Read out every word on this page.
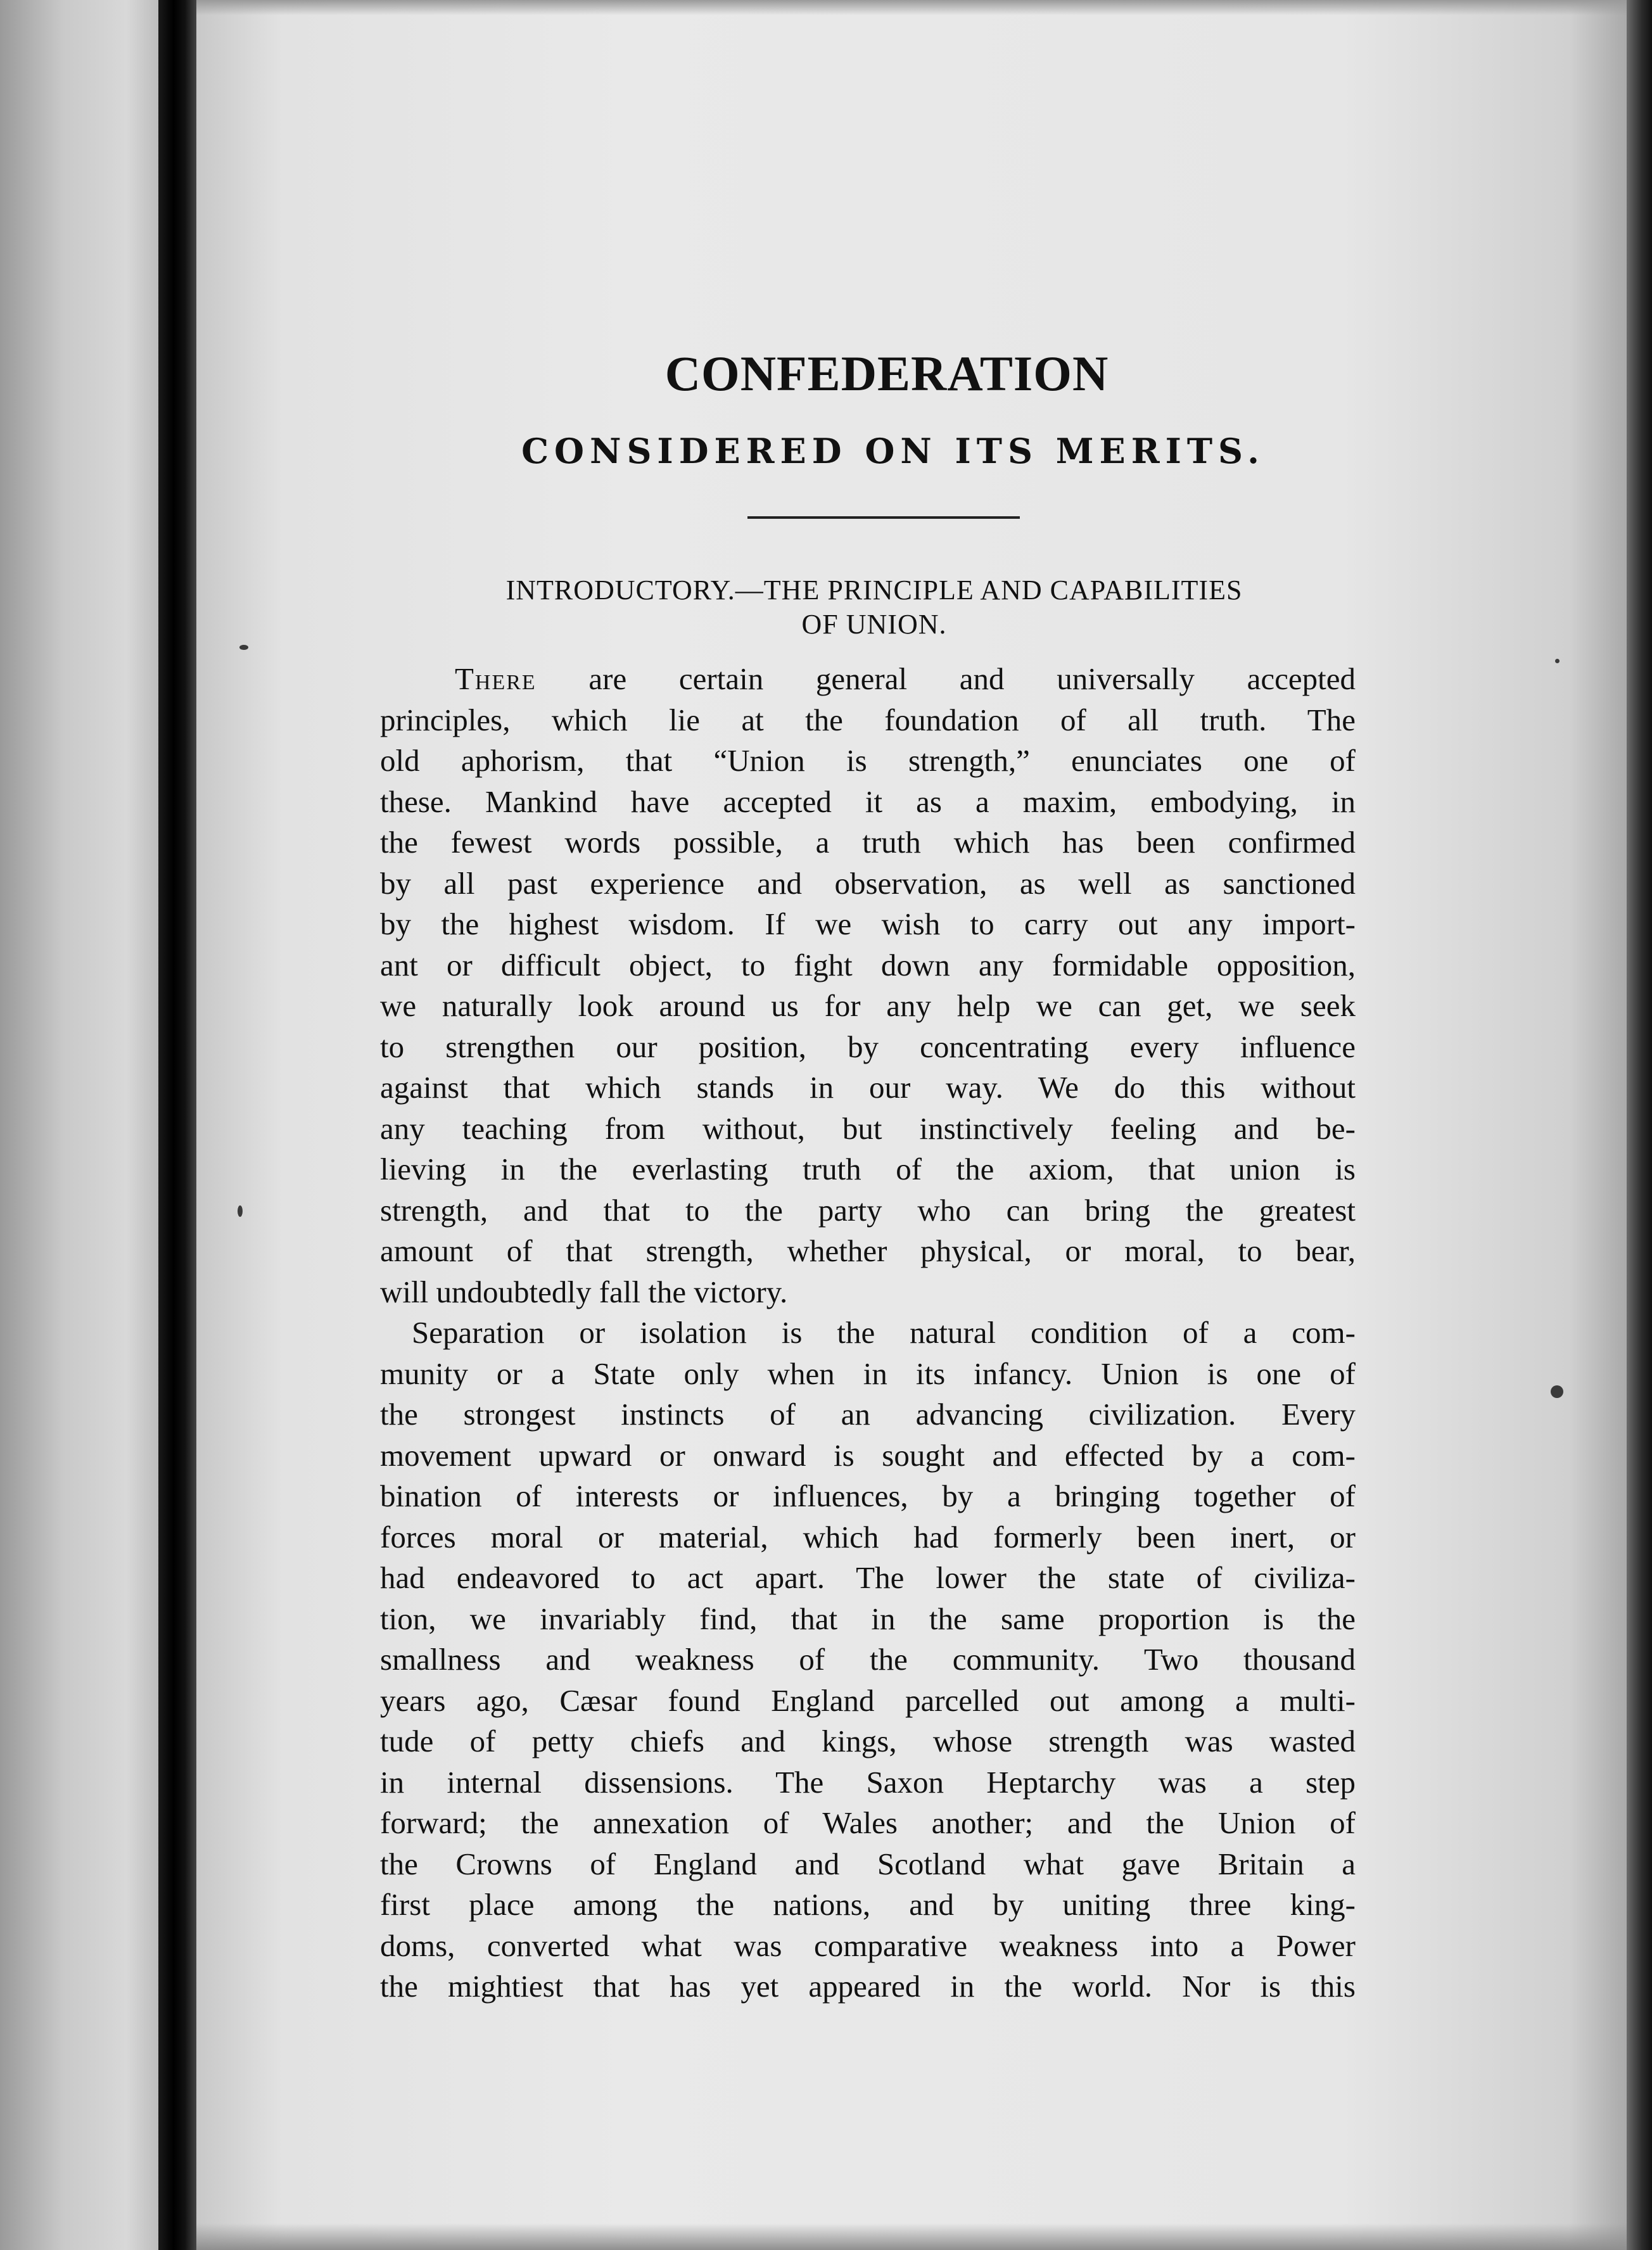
CONFEDERATION
CONSIDERED ON ITS MERITS.
INTRODUCTORY.—THE PRINCIPLE AND CAPABILITIES
OF UNION.
There are certain general and universally accepted
principles, which lie at the foundation of all truth. The
old aphorism, that “Union is strength,” enunciates one of
these. Mankind have accepted it as a maxim, embodying, in
the fewest words possible, a truth which has been confirmed
by all past experience and observation, as well as sanctioned
by the highest wisdom. If we wish to carry out any import-
ant or difficult object, to fight down any formidable opposition,
we naturally look around us for any help we can get, we seek
to strengthen our position, by concentrating every influence
against that which stands in our way. We do this without
any teaching from without, but instinctively feeling and be-
lieving in the everlasting truth of the axiom, that union is
strength, and that to the party who can bring the greatest
amount of that strength, whether physical, or moral, to bear,
will undoubtedly fall the victory.
Separation or isolation is the natural condition of a com-
munity or a State only when in its infancy. Union is one of
the strongest instincts of an advancing civilization. Every
movement upward or onward is sought and effected by a com-
bination of interests or influences, by a bringing together of
forces moral or material, which had formerly been inert, or
had endeavored to act apart. The lower the state of civiliza-
tion, we invariably find, that in the same proportion is the
smallness and weakness of the community. Two thousand
years ago, Cæsar found England parcelled out among a multi-
tude of petty chiefs and kings, whose strength was wasted
in internal dissensions. The Saxon Heptarchy was a step
forward; the annexation of Wales another; and the Union of
the Crowns of England and Scotland what gave Britain a
first place among the nations, and by uniting three king-
doms, converted what was comparative weakness into a Power
the mightiest that has yet appeared in the world. Nor is this
